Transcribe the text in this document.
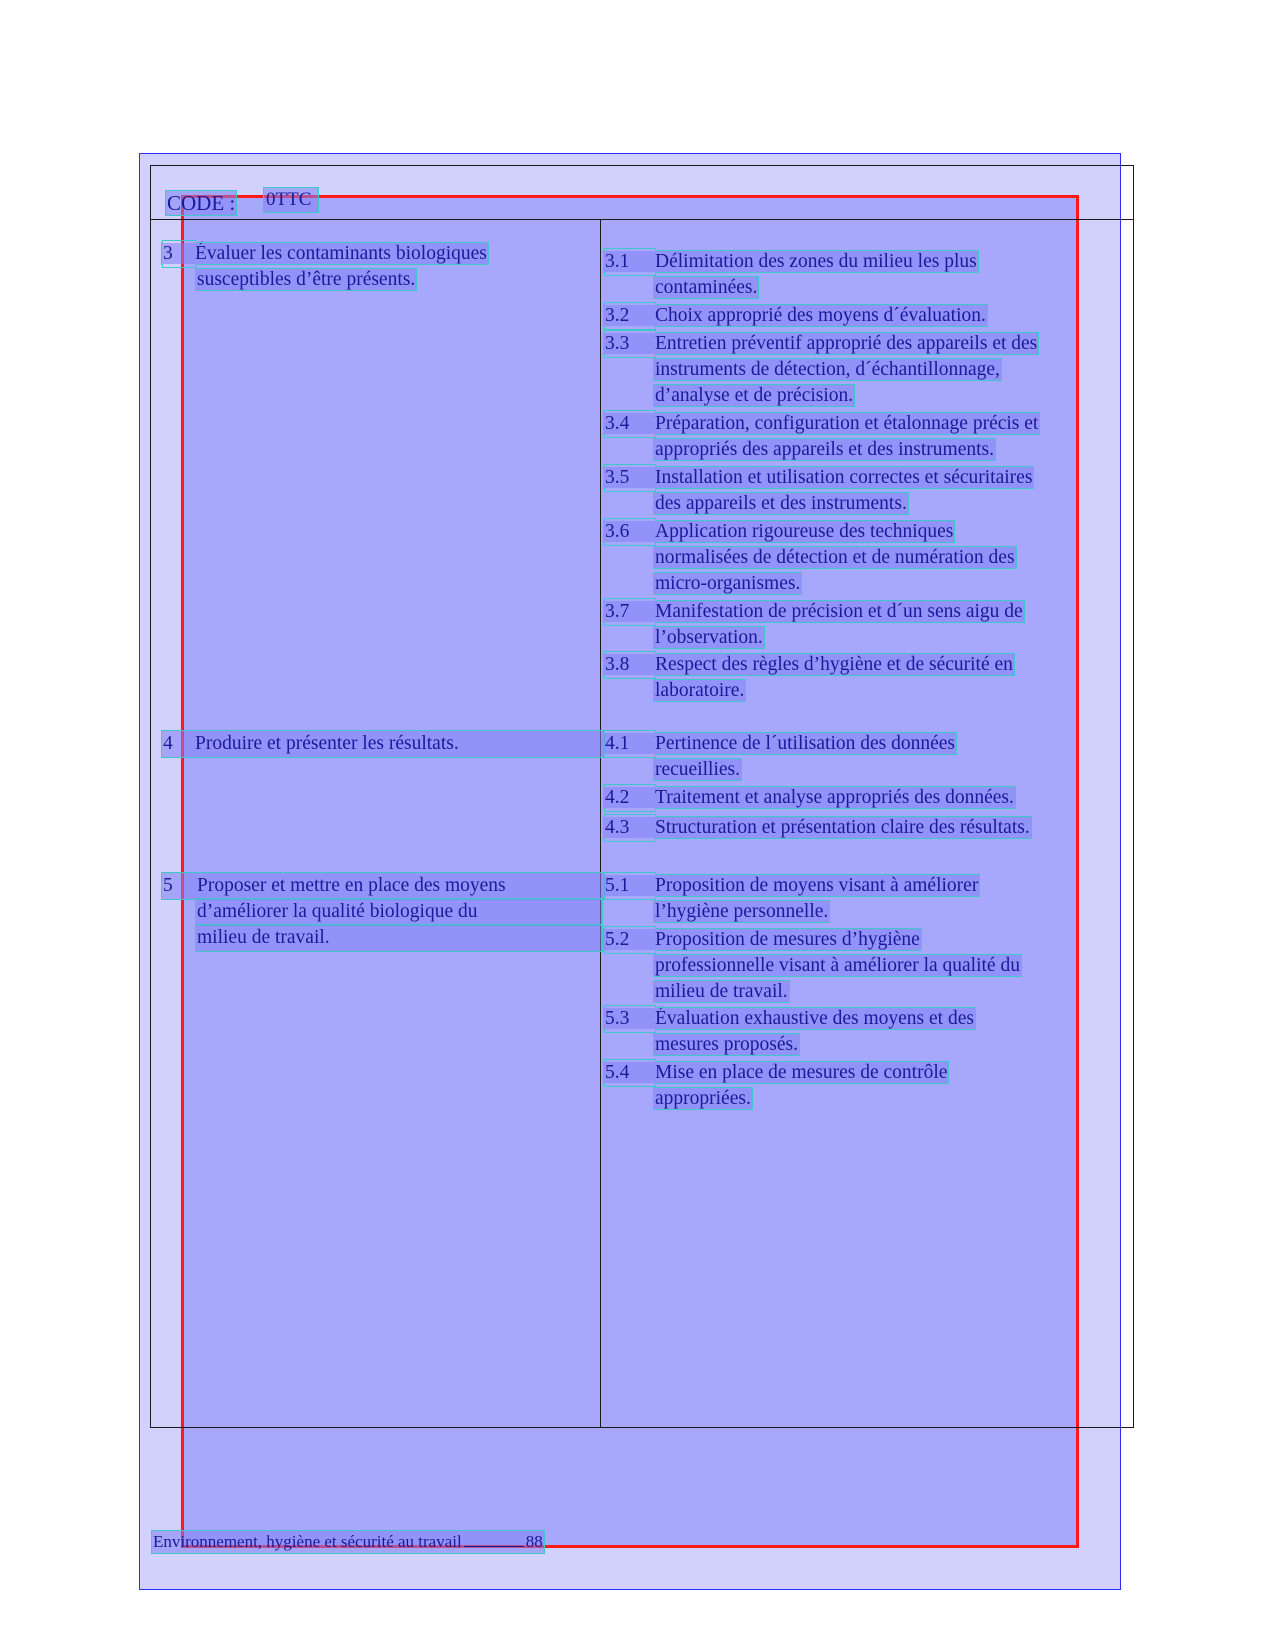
CODE : 0TTC
3 Évaluer les contaminants biologiques
susceptibles d’être présents.
3.1 Délimitation des zones du milieu les plus
contaminées.
3.2 Choix approprié des moyens d´évaluation.
3.3 Entretien préventif approprié des appareils et des
instruments de détection, d´échantillonnage,
d’analyse et de précision.
3.4 Préparation, configuration et étalonnage précis et
appropriés des appareils et des instruments.
3.5 Installation et utilisation correctes et sécuritaires
des appareils et des instruments.
3.6 Application rigoureuse des techniques
normalisées de détection et de numération des
micro-organismes.
3.7 Manifestation de précision et d´un sens aigu de
l’observation.
3.8 Respect des règles d’hygiène et de sécurité en
laboratoire.
4 Produire et présenter les résultats.	4.1 Pertinence de l´utilisation des données
recueillies.
4.2 Traitement et analyse appropriés des données.
4.3 Structuration et présentation claire des résultats.
5 Proposer et mettre en place des moyens
d’améliorer la qualité biologique du
milieu de travail.
5.1 Proposition de moyens visant à améliorer
l’hygiène personnelle.
5.2 Proposition de mesures d’hygiène
professionnelle visant à améliorer la qualité du
milieu de travail.
5.3 Évaluation exhaustive des moyens et des
mesures proposés.
5.4 Mise en place de mesures de contrôle
appropriées.
Environnement, hygiène et sécurité au travail	88
